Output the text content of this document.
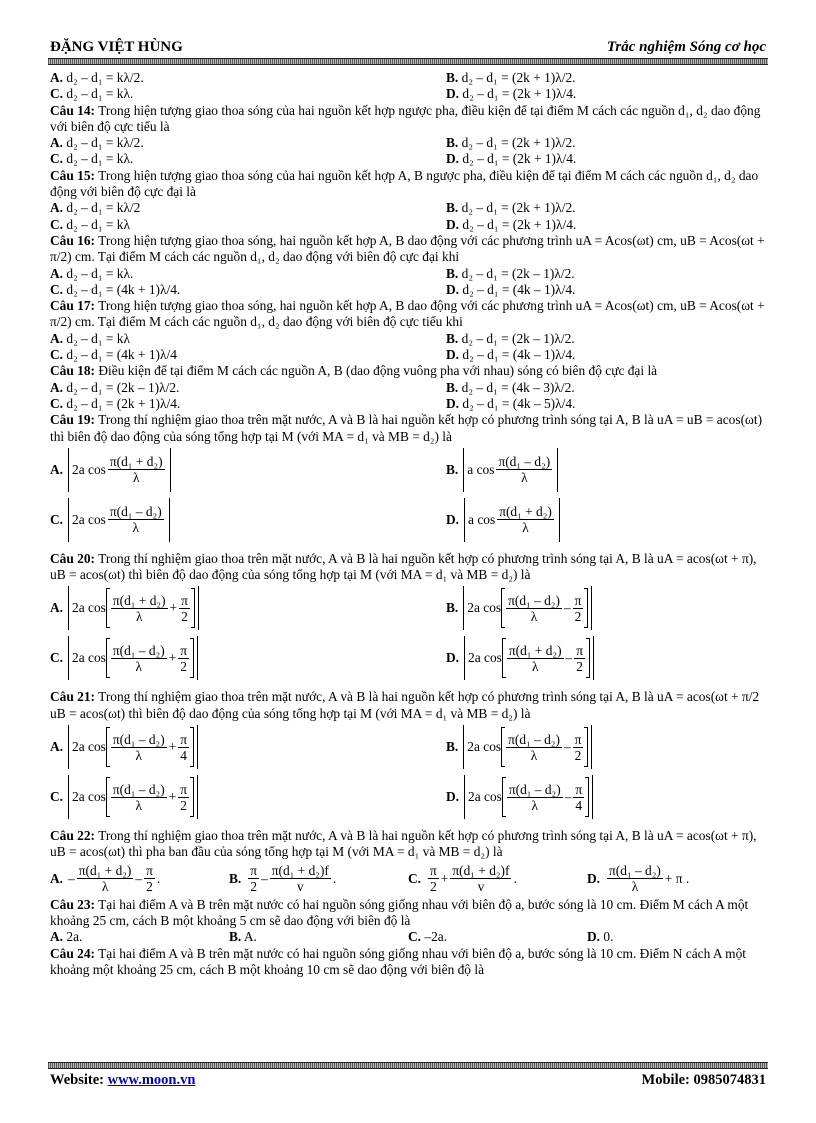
ĐẶNG VIỆT HÙNG	Trắc nghiệm Sóng cơ học
A. d₂ – d₁ = kλ/2.	B. d₂ – d₁ = (2k + 1)λ/2.
C. d₂ – d₁ = kλ.	D. d₂ – d₁ = (2k + 1)λ/4.
Câu 14: Trong hiện tượng giao thoa sóng của hai nguồn kết hợp ngược pha, điều kiện để tại điểm M cách các nguồn d₁, d₂ dao động với biên độ cực tiểu là
A. d₂ – d₁ = kλ/2.	B. d₂ – d₁ = (2k + 1)λ/2.
C. d₂ – d₁ = kλ.	D. d₂ – d₁ = (2k + 1)λ/4.
Câu 15: Trong hiện tượng giao thoa sóng của hai nguồn kết hợp A, B ngược pha, điều kiện để tại điểm M cách các nguồn d₁, d₂ dao động với biên độ cực đại là
A. d₂ – d₁ = kλ/2	B. d₂ – d₁ = (2k + 1)λ/2.
C. d₂ – d₁ = kλ	D. d₂ – d₁ = (2k + 1)λ/4.
Câu 16: Trong hiện tượng giao thoa sóng, hai nguồn kết hợp A, B dao động với các phương trình uA = Acos(ωt) cm, uB = Acos(ωt + π/2) cm. Tại điểm M cách các nguồn d₁, d₂ dao động với biên độ cực đại khi
A. d₂ – d₁ = kλ.	B. d₂ – d₁ = (2k – 1)λ/2.
C. d₂ – d₁ = (4k + 1)λ/4.	D. d₂ – d₁ = (4k – 1)λ/4.
Câu 17: Trong hiện tượng giao thoa sóng, hai nguồn kết hợp A, B dao động với các phương trình uA = Acos(ωt) cm, uB = Acos(ωt + π/2) cm. Tại điểm M cách các nguồn d₁, d₂ dao động với biên độ cực tiểu khi
A. d₂ – d₁ = kλ	B. d₂ – d₁ = (2k – 1)λ/2.
C. d₂ – d₁ = (4k + 1)λ/4	D. d₂ – d₁ = (4k – 1)λ/4.
Câu 18: Điều kiện để tại điểm M cách các nguồn A, B (dao động vuông pha với nhau) sóng có biên độ cực đại là
A. d₂ – d₁ = (2k – 1)λ/2.	B. d₂ – d₁ = (4k – 3)λ/2.
C. d₂ – d₁ = (2k + 1)λ/4.	D. d₂ – d₁ = (4k – 5)λ/4.
Câu 19: Trong thí nghiệm giao thoa trên mặt nước, A và B là hai nguồn kết hợp có phương trình sóng tại A, B là uA = uB = acos(ωt) thì biên độ dao động của sóng tổng hợp tại M (với MA = d₁ và MB = d₂) là
A. 2a $\cos \frac{\text{π(d₁ + d₂)}}{\lambda}$	B. a $\cos \frac{\text{π(d₁ – d₂)}}{\lambda}$
C. 2a $\cos \frac{\text{π(d₁ – d₂)}}{\lambda}$	D. a $\cos \frac{\text{π(d₁ + d₂)}}{\lambda}$
Câu 20: Trong thí nghiệm giao thoa trên mặt nước, A và B là hai nguồn kết hợp có phương trình sóng tại A, B là uA = acos(ωt + π), uB = acos(ωt) thì biên độ dao động của sóng tổng hợp tại M (với MA = d₁ và MB = d₂) là
A. 2a $\cos \frac{\text{π(d₁ + d₂)}}{\lambda} + \frac{\pi}{2}$	B. 2a $\cos \frac{\text{π(d₁ – d₂)}}{\lambda} - \frac{\pi}{2}$
C. 2a $\cos \frac{\text{π(d₁ – d₂)}}{\lambda} + \frac{\pi}{2}$	D. 2a $\cos \frac{\text{π(d₁ + d₂)}}{\lambda} - \frac{\pi}{2}$
Câu 21: Trong thí nghiệm giao thoa trên mặt nước, A và B là hai nguồn kết hợp có phương trình sóng tại A, B là uA = acos(ωt + π/2 uB = acos(ωt) thì biên độ dao động của sóng tổng hợp tại M (với MA = d₁ và MB = d₂) là
A. 2a $\cos \frac{\text{π(d₁ – d₂)}}{\lambda} + \frac{\pi}{4}$	B. 2a $\cos \frac{\text{π(d₁ – d₂)}}{\lambda} - \frac{\pi}{2}$
C. 2a $\cos \frac{\text{π(d₁ – d₂)}}{\lambda} + \frac{\pi}{2}$	D. 2a $\cos \frac{\text{π(d₁ – d₂)}}{\lambda} - \frac{\pi}{4}$
Câu 22: Trong thí nghiệm giao thoa trên mặt nước, A và B là hai nguồn kết hợp có phương trình sóng tại A, B là uA = acos(ωt + π), uB = acos(ωt) thì pha ban đầu của sóng tổng hợp tại M (với MA = d₁ và MB = d₂) là
A. – $\frac{\text{π(d₁ + d₂)}}{\lambda} - \frac{\pi}{2}$ .	B. $\frac{\pi}{2} - \frac{\text{π(d₁ + d₂)f}}{v}$ .	C. $\frac{\pi}{2} + \frac{\text{π(d₁ + d₂)f}}{v}$ .	D. $\frac{\text{π(d₁ – d₂)}}{\lambda} + \pi$ .
Câu 23: Tại hai điểm A và B trên mặt nước có hai nguồn sóng giống nhau với biên độ a, bước sóng là 10 cm. Điểm M cách A một khoảng 25 cm, cách B một khoảng 5 cm sẽ dao động với biên độ là
A. 2a.	B. A.	C. –2a.	D. 0.
Câu 24: Tại hai điểm A và B trên mặt nước có hai nguồn sóng giống nhau với biên độ a, bước sóng là 10 cm. Điểm N cách A một khoảng một khoảng 25 cm, cách B một khoảng 10 cm sẽ dao động với biên độ là
Website: www.moon.vn	Mobile: 0985074831
